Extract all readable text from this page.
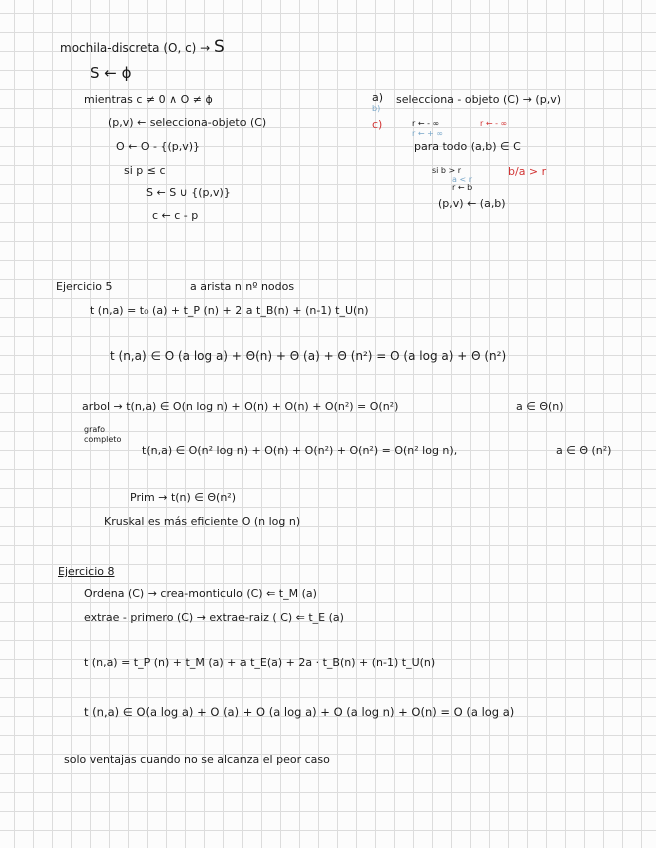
mochila-discreta (O, c) → S
S ← ϕ
mientras c ≠ 0 ∧ O ≠ ϕ
(p,v) ← selecciona-objeto (C)
O ← O - {(p,v)}
si p ≤ c
S ← S ∪ {(p,v)}
c ← c - p
a) selecciona - objeto (C) → (p,v)
b)
c)	r ← - ∞	r ← - ∞
r ← + ∞
para todo (a,b) ∈ C
si b > r	b/a > r
a < r
r ← b
(p,v) ← (a,b)
Ejercicio 5	a arista n nº nodos
t (n,a) = t₀ (a) + t_P (n) + 2 a t_B(n) + (n-1) t_U(n)
t (n,a) ∈ O (a log a) + Θ(n) + Θ (a) + Θ (n²) = O (a log a) + Θ (n²)
arbol → t(n,a) ∈ O(n log n) + O(n) + O(n) + O(n²) = O(n²)	a ∈ Θ(n)
grafo
completo
t(n,a) ∈ O(n² log n) + O(n) + O(n²) + O(n²) = O(n² log n),	a ∈ Θ (n²)
Prim → t(n) ∈ Θ(n²)
Kruskal es más eficiente O (n log n)
Ejercicio 8
Ordena (C) → crea-monticulo (C) ⇐ t_M (a)
extrae - primero (C) → extrae-raiz ( C) ⇐ t_E (a)
t (n,a) = t_P (n) + t_M (a) + a t_E(a) + 2a · t_B(n) + (n-1) t_U(n)
t (n,a) ∈ O(a log a) + O (a) + O (a log a) + O (a log n) + O(n) = O (a log a)
solo ventajas cuando no se alcanza el peor caso
